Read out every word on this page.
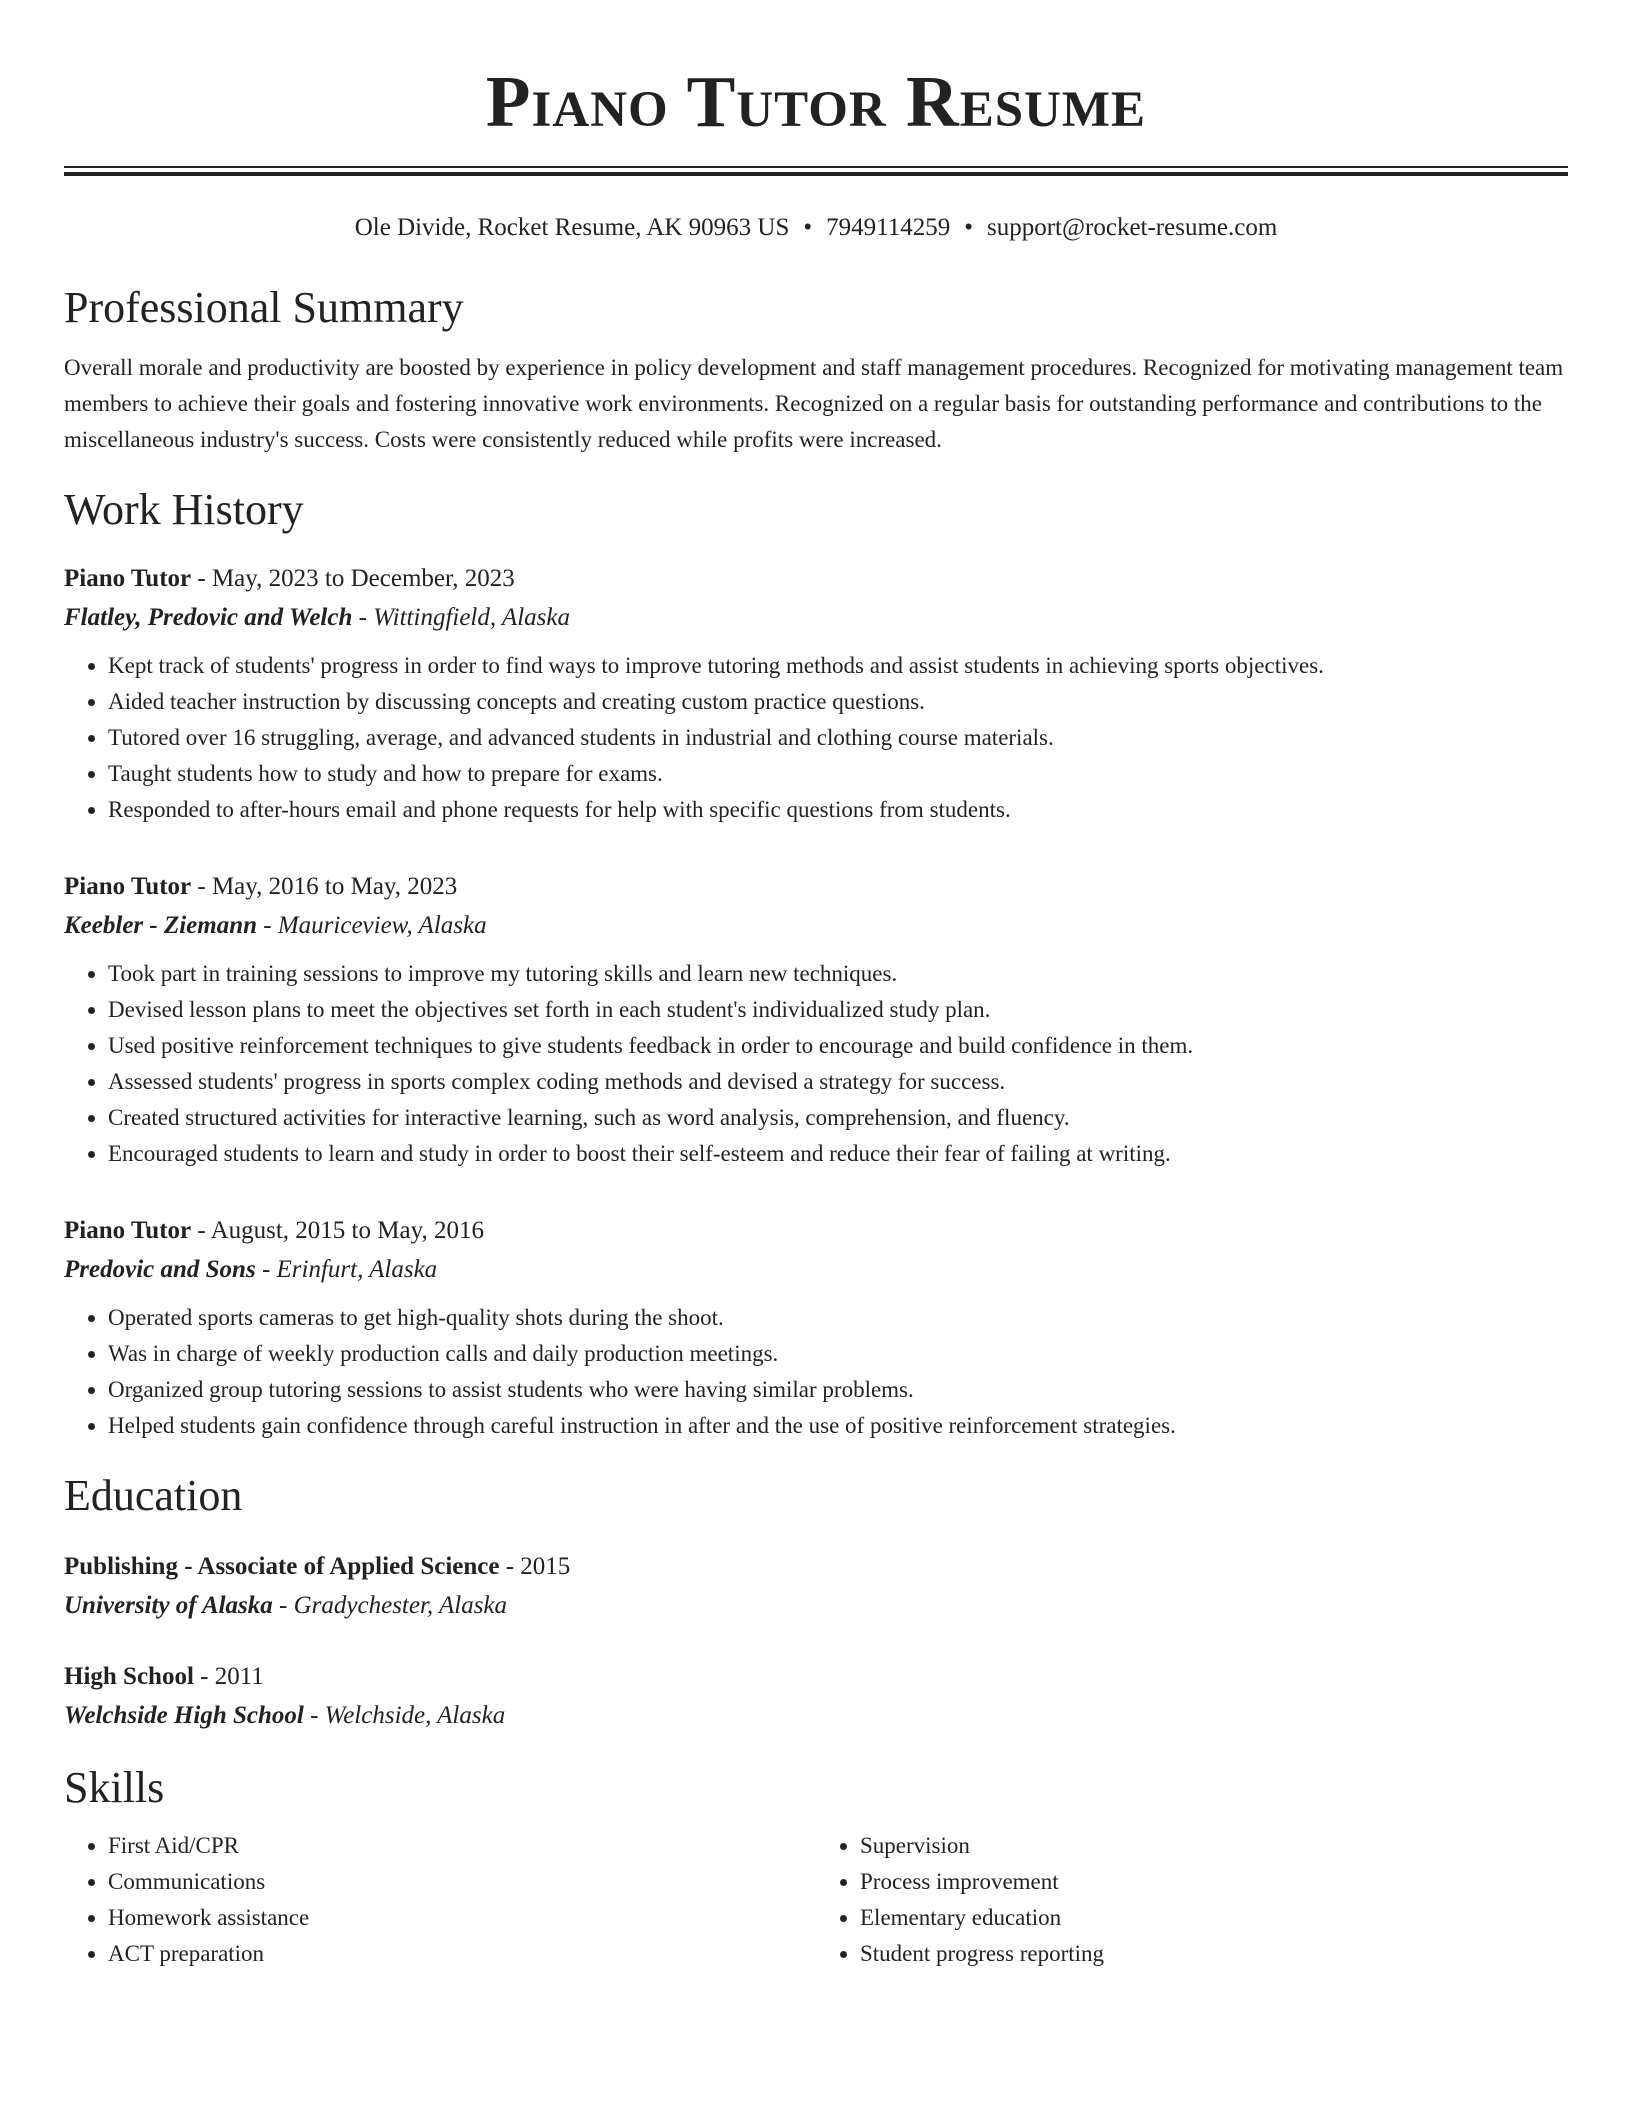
Piano Tutor Resume
Ole Divide, Rocket Resume, AK 90963 US • 7949114259 • support@rocket-resume.com
Professional Summary

Overall morale and productivity are boosted by experience in policy development and staff management procedures. Recognized for motivating management team members to achieve their goals and fostering innovative work environments. Recognized on a regular basis for outstanding performance and contributions to the miscellaneous industry's success. Costs were consistently reduced while profits were increased.

Work History
Piano Tutor - May, 2023 to December, 2023
Flatley, Predovic and Welch - Wittingfield, Alaska
• Kept track of students' progress in order to find ways to improve tutoring methods and assist students in achieving sports objectives.
• Aided teacher instruction by discussing concepts and creating custom practice questions.
• Tutored over 16 struggling, average, and advanced students in industrial and clothing course materials.
• Taught students how to study and how to prepare for exams.
• Responded to after-hours email and phone requests for help with specific questions from students.
Piano Tutor - May, 2016 to May, 2023
Keebler - Ziemann - Mauriceview, Alaska
• Took part in training sessions to improve my tutoring skills and learn new techniques.
• Devised lesson plans to meet the objectives set forth in each student's individualized study plan.
• Used positive reinforcement techniques to give students feedback in order to encourage and build confidence in them.
• Assessed students' progress in sports complex coding methods and devised a strategy for success.
• Created structured activities for interactive learning, such as word analysis, comprehension, and fluency.
• Encouraged students to learn and study in order to boost their self-esteem and reduce their fear of failing at writing.
Piano Tutor - August, 2015 to May, 2016
Predovic and Sons - Erinfurt, Alaska
• Operated sports cameras to get high-quality shots during the shoot.
• Was in charge of weekly production calls and daily production meetings.
• Organized group tutoring sessions to assist students who were having similar problems.
• Helped students gain confidence through careful instruction in after and the use of positive reinforcement strategies.
Education
Publishing - Associate of Applied Science - 2015
University of Alaska - Gradychester, Alaska
High School - 2011
Welchside High School - Welchside, Alaska
Skills
• First Aid/CPR
• Communications
• Homework assistance
• ACT preparation
• Supervision
• Process improvement
• Elementary education
• Student progress reporting
